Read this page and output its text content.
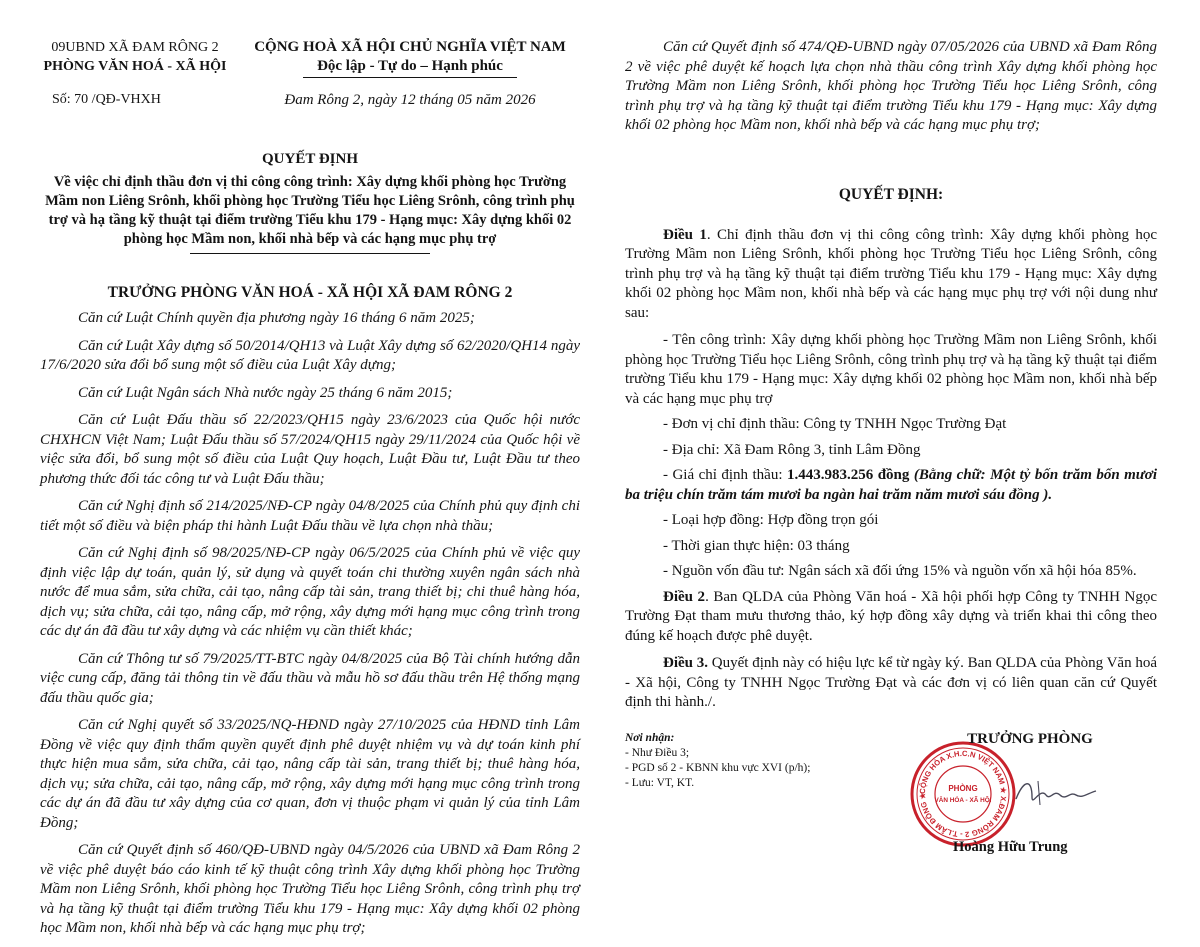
09UBND XÃ ĐAM RÔNG 2
PHÒNG VĂN HOÁ - XÃ HỘI
Số: 70 /QĐ-VHXH
CỘNG HOÀ XÃ HỘI CHỦ NGHĨA VIỆT NAM
Độc lập - Tự do – Hạnh phúc
Đam Rông 2, ngày 12 tháng 05 năm 2026
QUYẾT ĐỊNH
Về việc chỉ định thầu đơn vị thi công công trình: Xây dựng khối phòng học Trường Mầm non Liêng Srônh, khối phòng học Trường Tiểu học Liêng Srônh, công trình phụ trợ và hạ tầng kỹ thuật tại điểm trường Tiểu khu 179 - Hạng mục: Xây dựng khối 02 phòng học Mầm non, khối nhà bếp và các hạng mục phụ trợ
TRƯỞNG PHÒNG VĂN HOÁ - XÃ HỘI XÃ ĐAM RÔNG 2

Căn cứ Luật Chính quyền địa phương ngày 16 tháng 6 năm 2025;

Căn cứ Luật Xây dựng số 50/2014/QH13 và Luật Xây dựng số 62/2020/QH14 ngày 17/6/2020 sửa đổi bổ sung một số điều của Luật Xây dựng;

Căn cứ Luật Ngân sách Nhà nước ngày 25 tháng 6 năm 2015;

Căn cứ Luật Đấu thầu số 22/2023/QH15 ngày 23/6/2023 của Quốc hội nước CHXHCN Việt Nam; Luật Đấu thầu số 57/2024/QH15 ngày 29/11/2024 của Quốc hội về việc sửa đổi, bổ sung một số điều của Luật Quy hoạch, Luật Đầu tư, Luật Đầu tư theo phương thức đối tác công tư và Luật Đấu thầu;

Căn cứ Nghị định số 214/2025/NĐ-CP ngày 04/8/2025 của Chính phủ quy định chi tiết một số điều và biện pháp thi hành Luật Đấu thầu về lựa chọn nhà thầu;

Căn cứ Nghị định số 98/2025/NĐ-CP ngày 06/5/2025 của Chính phủ về việc quy định việc lập dự toán, quản lý, sử dụng và quyết toán chi thường xuyên ngân sách nhà nước để mua sắm, sửa chữa, cải tạo, nâng cấp tài sản, trang thiết bị; chi thuê hàng hóa, dịch vụ; sửa chữa, cải tạo, nâng cấp, mở rộng, xây dựng mới hạng mục công trình trong các dự án đã đầu tư xây dựng và các nhiệm vụ cần thiết khác;

Căn cứ Thông tư số 79/2025/TT-BTC ngày 04/8/2025 của Bộ Tài chính hướng dẫn việc cung cấp, đăng tải thông tin về đấu thầu và mẫu hồ sơ đấu thầu trên Hệ thống mạng đấu thầu quốc gia;

Căn cứ Nghị quyết số 33/2025/NQ-HĐND ngày 27/10/2025 của HĐND tỉnh Lâm Đồng về việc quy định thẩm quyền quyết định phê duyệt nhiệm vụ và dự toán kinh phí thực hiện mua sắm, sửa chữa, cải tạo, nâng cấp tài sản, trang thiết bị; thuê hàng hóa, dịch vụ; sửa chữa, cải tạo, nâng cấp, mở rộng, xây dựng mới hạng mục công trình trong các dự án đã đầu tư xây dựng của cơ quan, đơn vị thuộc phạm vi quản lý của tỉnh Lâm Đồng;

Căn cứ Quyết định số 460/QĐ-UBND ngày 04/5/2026 của UBND xã Đam Rông 2 về việc phê duyệt báo cáo kinh tế kỹ thuật công trình Xây dựng khối phòng học Trường Mầm non Liêng Srônh, khối phòng học Trường Tiểu học Liêng Srônh, công trình phụ trợ và hạ tầng kỹ thuật tại điểm trường Tiểu khu 179 - Hạng mục: Xây dựng khối 02 phòng học Mầm non, khối nhà bếp và các hạng mục phụ trợ;

Căn cứ Quyết định số 474/QĐ-UBND ngày 07/05/2026 của UBND xã Đam Rông 2 về việc phê duyệt kế hoạch lựa chọn nhà thầu công trình Xây dựng khối phòng học Trường Mầm non Liêng Srônh, khối phòng học Trường Tiểu học Liêng Srônh, công trình phụ trợ và hạ tầng kỹ thuật tại điểm trường Tiểu khu 179 - Hạng mục: Xây dựng khối 02 phòng học Mầm non, khối nhà bếp và các hạng mục phụ trợ;

QUYẾT ĐỊNH:

Điều 1. Chỉ định thầu đơn vị thi công công trình: Xây dựng khối phòng học Trường Mầm non Liêng Srônh, khối phòng học Trường Tiểu học Liêng Srônh, công trình phụ trợ và hạ tầng kỹ thuật tại điểm trường Tiểu khu 179 - Hạng mục: Xây dựng khối 02 phòng học Mầm non, khối nhà bếp và các hạng mục phụ trợ với nội dung như sau:

- Tên công trình: Xây dựng khối phòng học Trường Mầm non Liêng Srônh, khối phòng học Trường Tiểu học Liêng Srônh, công trình phụ trợ và hạ tầng kỹ thuật tại điểm trường Tiểu khu 179 - Hạng mục: Xây dựng khối 02 phòng học Mầm non, khối nhà bếp và các hạng mục phụ trợ

- Đơn vị chỉ định thầu: Công ty TNHH Ngọc Trường Đạt

- Địa chỉ: Xã Đam Rông 3, tỉnh Lâm Đồng

- Giá chỉ định thầu: 1.443.983.256 đồng (Bằng chữ: Một tỷ bốn trăm bốn mươi ba triệu chín trăm tám mươi ba ngàn hai trăm năm mươi sáu đồng ).

- Loại hợp đồng: Hợp đồng trọn gói

- Thời gian thực hiện: 03 tháng

- Nguồn vốn đầu tư: Ngân sách xã đối ứng 15% và nguồn vốn xã hội hóa 85%.

Điều 2. Ban QLDA của Phòng Văn hoá - Xã hội phối hợp Công ty TNHH Ngọc Trường Đạt tham mưu thương thảo, ký hợp đồng xây dựng và triển khai thi công theo đúng kế hoạch được phê duyệt.

Điều 3. Quyết định này có hiệu lực kể từ ngày ký. Ban QLDA của Phòng Văn hoá - Xã hội, Công ty TNHH Ngọc Trường Đạt và các đơn vị có liên quan căn cứ Quyết định thi hành./.

Nơi nhận:
- Như Điều 3;
- PGD số 2 - KBNN khu vực XVI (p/h);
- Lưu: VT, KT.
CỘNG HÒA X.H.C.N VIỆT NAM ★ X.ĐAM RÔNG 2 - T.LÂM ĐỒNG ★
PHÒNG
VĂN HÓA - XÃ HỘI
TRƯỞNG PHÒNG
Hoàng Hữu Trung
